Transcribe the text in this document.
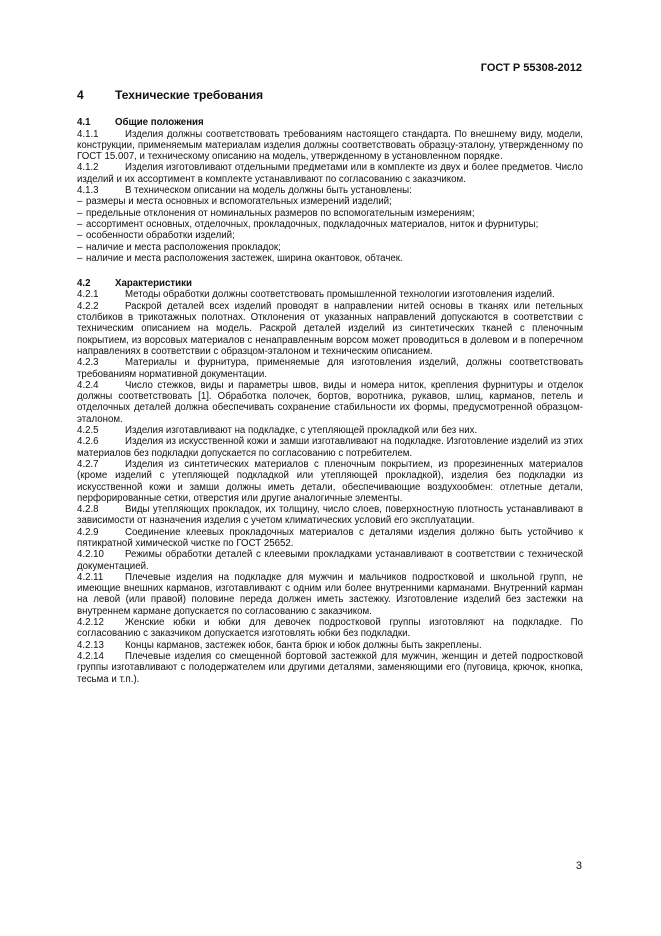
ГОСТ Р 55308-2012
4	Технические требования
4.1	Общие положения
4.1.1	Изделия должны соответствовать требованиям настоящего стандарта. По внешнему виду, модели, конструкции, применяемым материалам изделия должны соответствовать образцу-эталону, утвержденному по ГОСТ 15.007, и техническому описанию на модель, утвержденному в установленном порядке.
4.1.2	Изделия изготовливают отдельными предметами или в комплекте из двух и более предметов. Число изделий и их ассортимент в комплекте устанавливают по согласованию с заказчиком.
4.1.3	В техническом описании на модель должны быть установлены:
– размеры и места основных и вспомогательных измерений изделий;
– предельные отклонения от номинальных размеров по вспомогательным измерениям;
– ассортимент основных, отделочных, прокладочных, подкладочных материалов, ниток и фурнитуры;
– особенности обработки изделий;
– наличие и места расположения прокладок;
– наличие и места расположения застежек, ширина окантовок, обтачек.
4.2	Характеристики
4.2.1	Методы обработки должны соответствовать промышленной технологии изготовления изделий.
4.2.2	Раскрой деталей всех изделий проводят в направлении нитей основы в тканях или петельных столбиков в трикотажных полотнах. Отклонения от указанных направлений допускаются в соответствии с техническим описанием на модель. Раскрой деталей изделий из синтетических тканей с пленочным покрытием, из ворсовых материалов с ненаправленным ворсом может проводиться в долевом и в поперечном направлениях в соответствии с образцом-эталоном и техническим описанием.
4.2.3	Материалы и фурнитура, применяемые для изготовления изделий, должны соответствовать требованиям нормативной документации.
4.2.4	Число стежков, виды и параметры швов, виды и номера ниток, крепления фурнитуры и отделок должны соответствовать [1]. Обработка полочек, бортов, воротника, рукавов, шлиц, карманов, петель и отделочных деталей должна обеспечивать сохранение стабильности их формы, предусмотренной образцом-эталоном.
4.2.5	Изделия изготавливают на подкладке, с утепляющей прокладкой или без них.
4.2.6	Изделия из искусственной кожи и замши изготавливают на подкладке. Изготовление изделий из этих материалов без подкладки допускается по согласованию с потребителем.
4.2.7	Изделия из синтетических материалов с пленочным покрытием, из прорезиненных материалов (кроме изделий с утепляющей подкладкой или утепляющей прокладкой), изделия без подкладки из искусственной кожи и замши должны иметь детали, обеспечивающие воздухообмен: отлетные детали, перфорированные сетки, отверстия или другие аналогичные элементы.
4.2.8	Виды утепляющих прокладок, их толщину, число слоев, поверхностную плотность устанавливают в зависимости от назначения изделия с учетом климатических условий его эксплуатации.
4.2.9	Соединение клеевых прокладочных материалов с деталями изделия должно быть устойчиво к пятикратной химической чистке по ГОСТ 25652.
4.2.10 Режимы обработки деталей с клеевыми прокладками устанавливают в соответствии с технической документацией.
4.2.11 Плечевые изделия на подкладке для мужчин и мальчиков подростковой и школьной групп, не имеющие внешних карманов, изготавливают с одним или более внутренними карманами. Внутренний карман на левой (или правой) половине переда должен иметь застежку. Изготовление изделий без застежки на внутреннем кармане допускается по согласованию с заказчиком.
4.2.12 Женские юбки и юбки для девочек подростковой группы изготовляют на подкладке. По согласованию с заказчиком допускается изготовлять юбки без подкладки.
4.2.13 Концы карманов, застежек юбок, банта брюк и юбок должны быть закреплены.
4.2.14 Плечевые изделия со смещенной бортовой застежкой для мужчин, женщин и детей подростковой группы изготавливают с полодержателем или другими деталями, заменяющими его (пуговица, крючок, кнопка, тесьма и т.п.).
3
